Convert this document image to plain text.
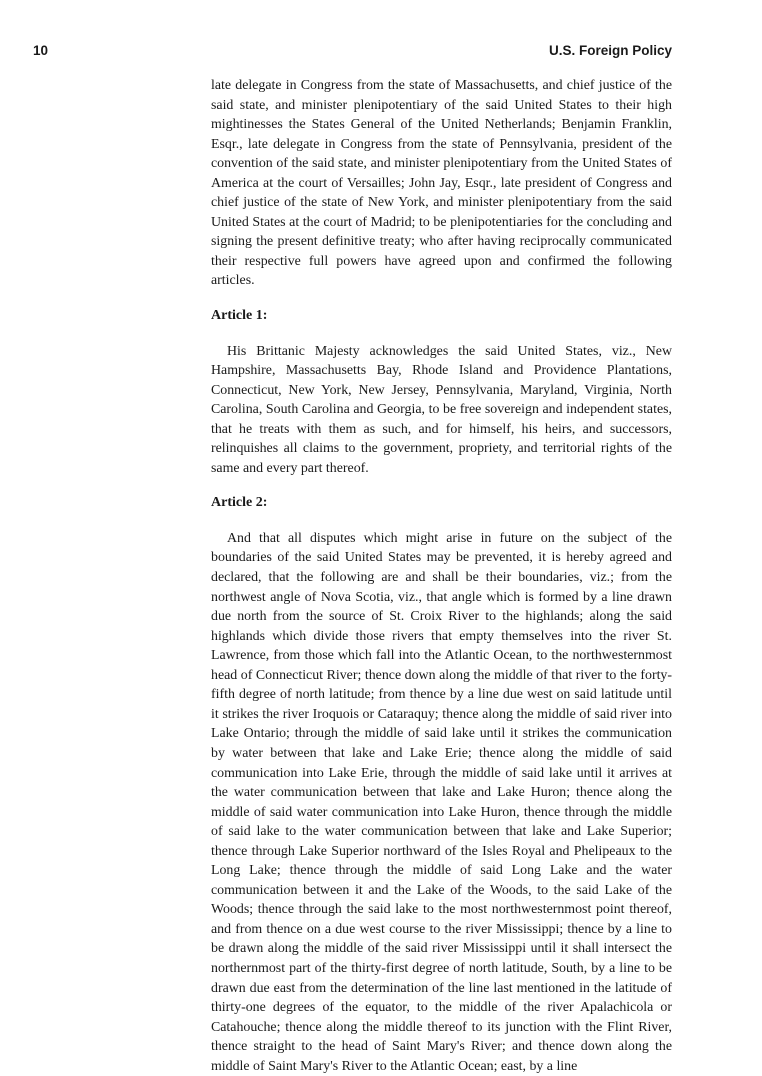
10	U.S. Foreign Policy

late delegate in Congress from the state of Massachusetts, and chief justice of the said state, and minister plenipotentiary of the said United States to their high mightinesses the States General of the United Netherlands; Benjamin Franklin, Esqr., late delegate in Congress from the state of Pennsylvania, president of the convention of the said state, and minister plenipotentiary from the United States of America at the court of Versailles; John Jay, Esqr., late president of Congress and chief justice of the state of New York, and minister plenipotentiary from the said United States at the court of Madrid; to be plenipotentiaries for the concluding and signing the present definitive treaty; who after having reciprocally communicated their respective full powers have agreed upon and confirmed the following articles.

Article 1:

His Brittanic Majesty acknowledges the said United States, viz., New Hampshire, Massachusetts Bay, Rhode Island and Providence Plantations, Connecticut, New York, New Jersey, Pennsylvania, Maryland, Virginia, North Carolina, South Carolina and Georgia, to be free sovereign and independent states, that he treats with them as such, and for himself, his heirs, and successors, relinquishes all claims to the government, propriety, and territorial rights of the same and every part thereof.

Article 2:

And that all disputes which might arise in future on the subject of the boundaries of the said United States may be prevented, it is hereby agreed and declared, that the following are and shall be their boundaries, viz.; from the northwest angle of Nova Scotia, viz., that angle which is formed by a line drawn due north from the source of St. Croix River to the highlands; along the said highlands which divide those rivers that empty themselves into the river St. Lawrence, from those which fall into the Atlantic Ocean, to the northwesternmost head of Connecticut River; thence down along the middle of that river to the forty-fifth degree of north latitude; from thence by a line due west on said latitude until it strikes the river Iroquois or Cataraquy; thence along the middle of said river into Lake Ontario; through the middle of said lake until it strikes the communication by water between that lake and Lake Erie; thence along the middle of said communication into Lake Erie, through the middle of said lake until it arrives at the water communication between that lake and Lake Huron; thence along the middle of said water communication into Lake Huron, thence through the middle of said lake to the water communication between that lake and Lake Superior; thence through Lake Superior northward of the Isles Royal and Phelipeaux to the Long Lake; thence through the middle of said Long Lake and the water communication between it and the Lake of the Woods, to the said Lake of the Woods; thence through the said lake to the most northwesternmost point thereof, and from thence on a due west course to the river Mississippi; thence by a line to be drawn along the middle of the said river Mississippi until it shall intersect the northernmost part of the thirty-first degree of north latitude, South, by a line to be drawn due east from the determination of the line last mentioned in the latitude of thirty-one degrees of the equator, to the middle of the river Apalachicola or Catahouche; thence along the middle thereof to its junction with the Flint River, thence straight to the head of Saint Mary's River; and thence down along the middle of Saint Mary's River to the Atlantic Ocean; east, by a line
